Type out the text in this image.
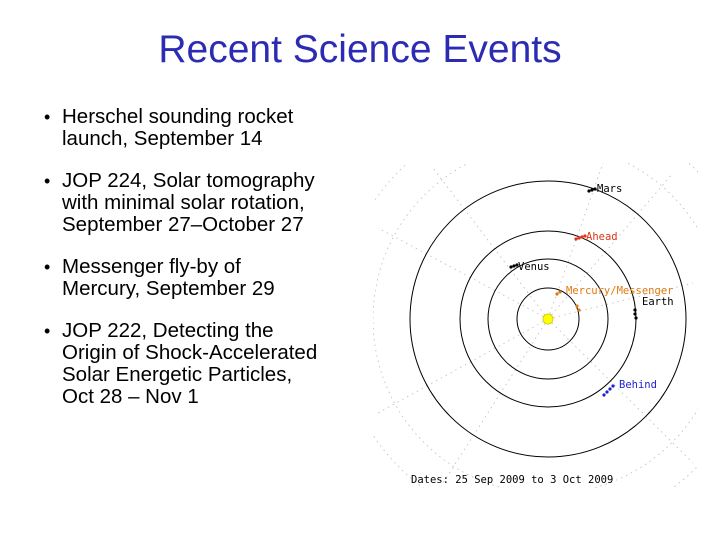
Recent Science Events
• Herschel sounding rocket
launch, September 14
• JOP 224, Solar tomography
with minimal solar rotation,
September 27–October 27
• Messenger fly-by of
Mercury, September 29
• JOP 222, Detecting the
Origin of Shock-Accelerated
Solar Energetic Particles,
Oct 28 – Nov 1
Mars
Ahead
Venus
Mercury/Messenger
Earth
Behind
Dates: 25 Sep 2009 to 3 Oct 2009
